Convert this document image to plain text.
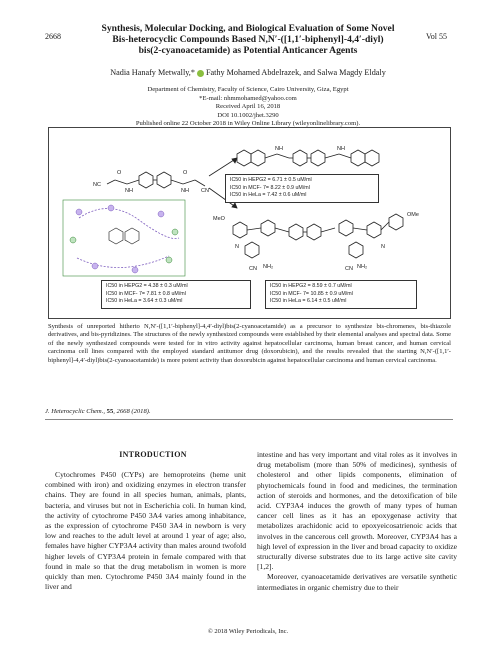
2668	Vol 55
Synthesis, Molecular Docking, and Biological Evaluation of Some Novel
Bis-heterocyclic Compounds Based N,N′-([1,1′-biphenyl]-4,4′-diyl)
bis(2-cyanoacetamide) as Potential Anticancer Agents
Nadia Hanafy Metwally,* Fathy Mohamed Abdelrazek, and Salwa Magdy Eldaly
Department of Chemistry, Faculty of Science, Cairo University, Giza, Egypt
*E-mail: nhmmohamed@yahoo.com
Received April 16, 2018
DOI 10.1002/jhet.3290
Published online 22 October 2018 in Wiley Online Library (wileyonlinelibrary.com).
NC
CN
NH	NH
O	O
NH	NH
MeO
OMe
NH₂	NH₂
CN	CN
N	N
IC50 in HEPG2 = 6.71 ± 0.5 uM/ml
IC50 in MCF- 7= 8.22 ± 0.9 uM/ml
IC50 in HeLa = 7.42 ± 0.6 uM/ml
IC50 in HEPG2 = 4.38 ± 0.3 uM/ml
IC50 in MCF- 7= 7.81 ± 0.8 uM/ml
IC50 in HeLa = 3.64 ± 0.3 uM/ml
IC50 in HEPG2 = 8.59 ± 0.7 uM/ml
IC50 in MCF- 7= 10.85 ± 0.9 uM/ml
IC50 in HeLa = 6.14 ± 0.5 uM/ml
Synthesis of unreported hitherto N,N′-([1,1′-biphenyl]-4,4′-diyl)bis(2-cyanoacetamide) as a precursor to synthesize bis-chromenes, bis-thiazole derivatives, and bis-pyridizines. The structures of the newly synthesized compounds were established by their elemental analyses and spectral data. Some of the newly synthesized compounds were tested for in vitro activity against hepatocellular carcinoma, human breast cancer, and human cervical carcinoma cell lines compared with the employed standard antitumor drug (doxorubicin), and the results revealed that the starting N,N′-([1,1′-biphenyl]-4,4′-diyl)bis(2-cyanoacetamide) is more potent activity than doxorubicin against hepatocellular carcinoma and human cervical carcinoma.
J. Heterocyclic Chem., 55, 2668 (2018).
INTRODUCTION
Cytochromes P450 (CYPs) are hemoproteins (heme unit combined with iron) and oxidizing enzymes in electron transfer chains. They are found in all species human, animals, plants, bacteria, and viruses but not in Escherichia coli. In human kind, the activity of cytochrome P450 3A4 varies among inhabitance, as the expression of cytochrome P450 3A4 in newborn is very low and reaches to the adult level at around 1 year of age; also, females have higher CYP3A4 activity than males around twofold higher levels of CYP3A4 protein in female compared with that found in male so that the drug metabolism in women is more quickly than men. Cytochrome P450 3A4 mainly found in the liver and

intestine and has very important and vital roles as it involves in drug metabolism (more than 50% of medicines), synthesis of cholesterol and other lipids components, elimination of phytochemicals found in food and medicines, the termination action of steroids and hormones, and the detoxification of bile acid. CYP3A4 induces the growth of many types of human cancer cell lines as it has an epoxygenase activity that metabolizes arachidonic acid to epoxyeicosatrienoic acids that involves in the cancerous cell growth. Moreover, CYP3A4 has a high level of expression in the liver and broad capacity to oxidize structurally diverse substrates due to its large active site cavity [1,2].

Moreover, cyanoacetamide derivatives are versatile synthetic intermediates in organic chemistry due to their

© 2018 Wiley Periodicals, Inc.
